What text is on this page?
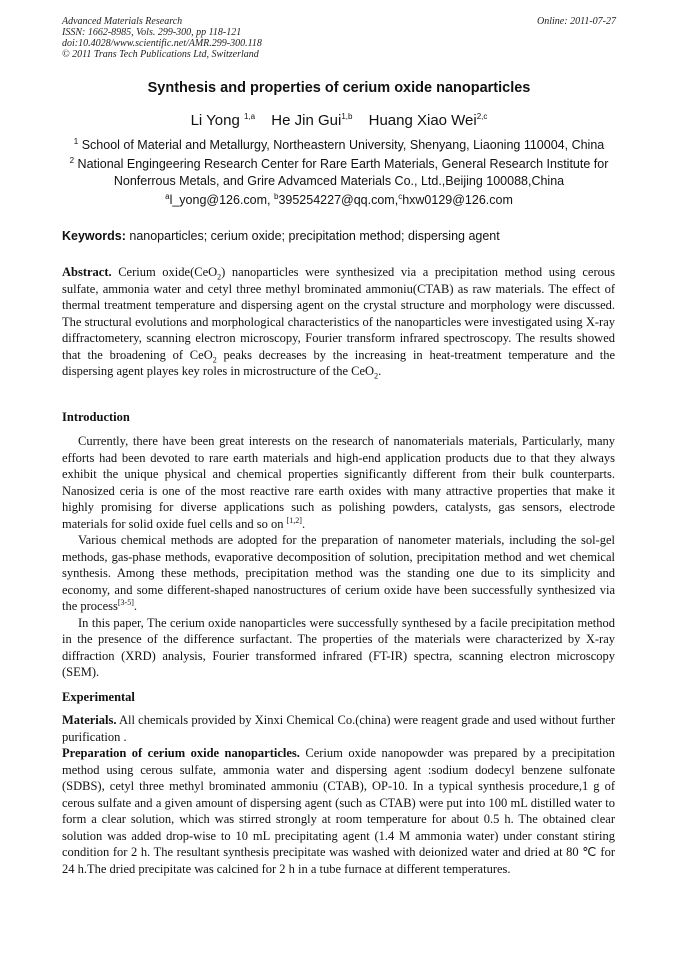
Advanced Materials Research
ISSN: 1662-8985, Vols. 299-300, pp 118-121
doi:10.4028/www.scientific.net/AMR.299-300.118
© 2011 Trans Tech Publications Ltd, Switzerland
Online: 2011-07-27
Synthesis and properties of cerium oxide nanoparticles
Li Yong $^{1,a}$ He Jin Gui$^{1,b}$ Huang Xiao Wei$^{2,c}$
$^1$ School of Material and Metallurgy, Northeastern University, Shenyang, Liaoning 110004, China
$^2$ National Engingeering Research Center for Rare Earth Materials, General Research Institute for Nonferrous Metals, and Grire Advamced Materials Co., Ltd.,Beijing 100088,China
$^a$l_yong@126.com, $^b$395254227@qq.com,$^c$hxw0129@126.com
Keywords: nanoparticles; cerium oxide; precipitation method; dispersing agent

Abstract. Cerium oxide(CeO$_2$) nanoparticles were synthesized via a precipitation method using cerous sulfate, ammonia water and cetyl three methyl brominated ammoniu(CTAB) as raw materials. The effect of thermal treatment temperature and dispersing agent on the crystal structure and morphology were discussed. The structural evolutions and morphological characteristics of the nanoparticles were investigated using X-ray diffractometery, scanning electron microscopy, Fourier transform infrared spectroscopy. The results showed that the broadening of CeO$_2$ peaks decreases by the increasing in heat-treatment temperature and the dispersing agent playes key roles in microstructure of the CeO$_2$.

Introduction

Currently, there have been great interests on the research of nanomaterials materials, Particularly, many efforts had been devoted to rare earth materials and high-end application products due to that they always exhibit the unique physical and chemical properties significantly different from their bulk counterparts. Nanosized ceria is one of the most reactive rare earth oxides with many attractive properties that make it highly promising for diverse applications such as polishing powders, catalysts, gas sensors, electrode materials for solid oxide fuel cells and so on [1,2].

Various chemical methods are adopted for the preparation of nanometer materials, including the sol-gel methods, gas-phase methods, evaporative decomposition of solution, precipitation method and wet chemical synthesis. Among these methods, precipitation method was the standing one due to its simplicity and economy, and some different-shaped nanostructures of cerium oxide have been successfully synthesized via the process[3-5].

In this paper, The cerium oxide nanoparticles were successfully synthesed by a facile precipitation method in the presence of the difference surfactant. The properties of the materials were characterized by X-ray diffraction (XRD) analysis, Fourier transformed infrared (FT-IR) spectra, scanning electron microscopy (SEM).

Experimental

Materials. All chemicals provided by Xinxi Chemical Co.(china) were reagent grade and used without further purification .

Preparation of cerium oxide nanoparticles. Cerium oxide nanopowder was prepared by a precipitation method using cerous sulfate, ammonia water and dispersing agent :sodium dodecyl benzene sulfonate (SDBS), cetyl three methyl brominated ammoniu (CTAB), OP-10. In a typical synthesis procedure,1 g of cerous sulfate and a given amount of dispersing agent (such as CTAB) were put into 100 mL distilled water to form a clear solution, which was stirred strongly at room temperature for about 0.5 h. The obtained clear solution was added drop-wise to 10 mL precipitating agent (1.4 M ammonia water) under constant stiring condition for 2 h. The resultant synthesis precipitate was washed with deionized water and dried at 80 ℃ for 24 h.The dried precipitate was calcined for 2 h in a tube furnace at different temperatures.
